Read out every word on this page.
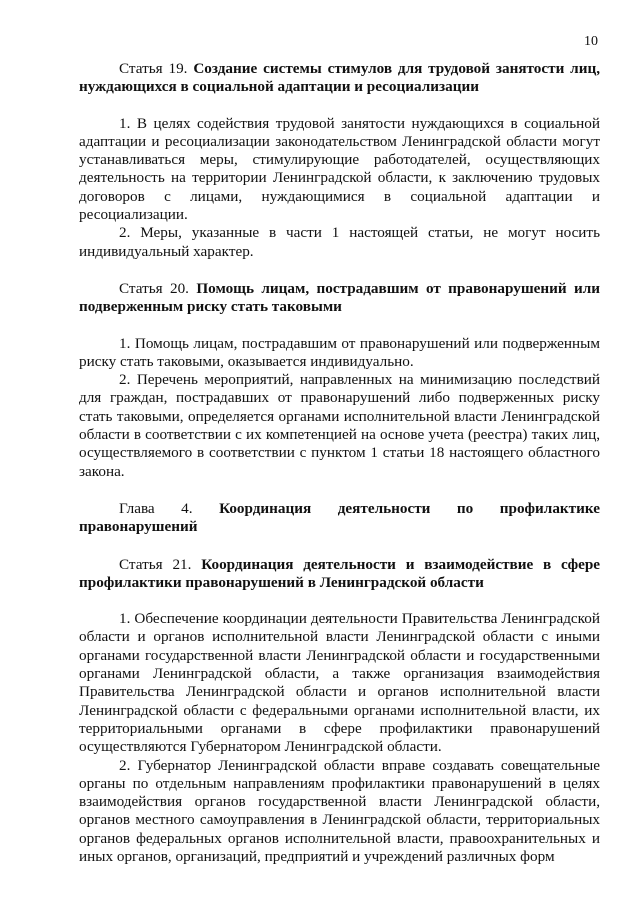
10

Статья 19. Создание системы стимулов для трудовой занятости лиц, нуждающихся в социальной адаптации и ресоциализации

1. В целях содействия трудовой занятости нуждающихся в социальной адаптации и ресоциализации законодательством Ленинградской области могут устанавливаться меры, стимулирующие работодателей, осуществляющих деятельность на территории Ленинградской области, к заключению трудовых договоров с лицами, нуждающимися в социальной адаптации и ресоциализации.

2. Меры, указанные в части 1 настоящей статьи, не могут носить индивидуальный характер.

Статья 20. Помощь лицам, пострадавшим от правонарушений или подверженным риску стать таковыми

1. Помощь лицам, пострадавшим от правонарушений или подверженным риску стать таковыми, оказывается индивидуально.

2. Перечень мероприятий, направленных на минимизацию последствий для граждан, пострадавших от правонарушений либо подверженных риску стать таковыми, определяется органами исполнительной власти Ленинградской области в соответствии с их компетенцией на основе учета (реестра) таких лиц, осуществляемого в соответствии с пунктом 1 статьи 18 настоящего областного закона.

Глава 4. Координация деятельности по профилактике правонарушений

Статья 21. Координация деятельности и взаимодействие в сфере профилактики правонарушений в Ленинградской области

1. Обеспечение координации деятельности Правительства Ленинградской области и органов исполнительной власти Ленинградской области с иными органами государственной власти Ленинградской области и государственными органами Ленинградской области, а также организация взаимодействия Правительства Ленинградской области и органов исполнительной власти Ленинградской области с федеральными органами исполнительной власти, их территориальными органами в сфере профилактики правонарушений осуществляются Губернатором Ленинградской области.

2. Губернатор Ленинградской области вправе создавать совещательные органы по отдельным направлениям профилактики правонарушений в целях взаимодействия органов государственной власти Ленинградской области, органов местного самоуправления в Ленинградской области, территориальных органов федеральных органов исполнительной власти, правоохранительных и иных органов, организаций, предприятий и учреждений различных форм
